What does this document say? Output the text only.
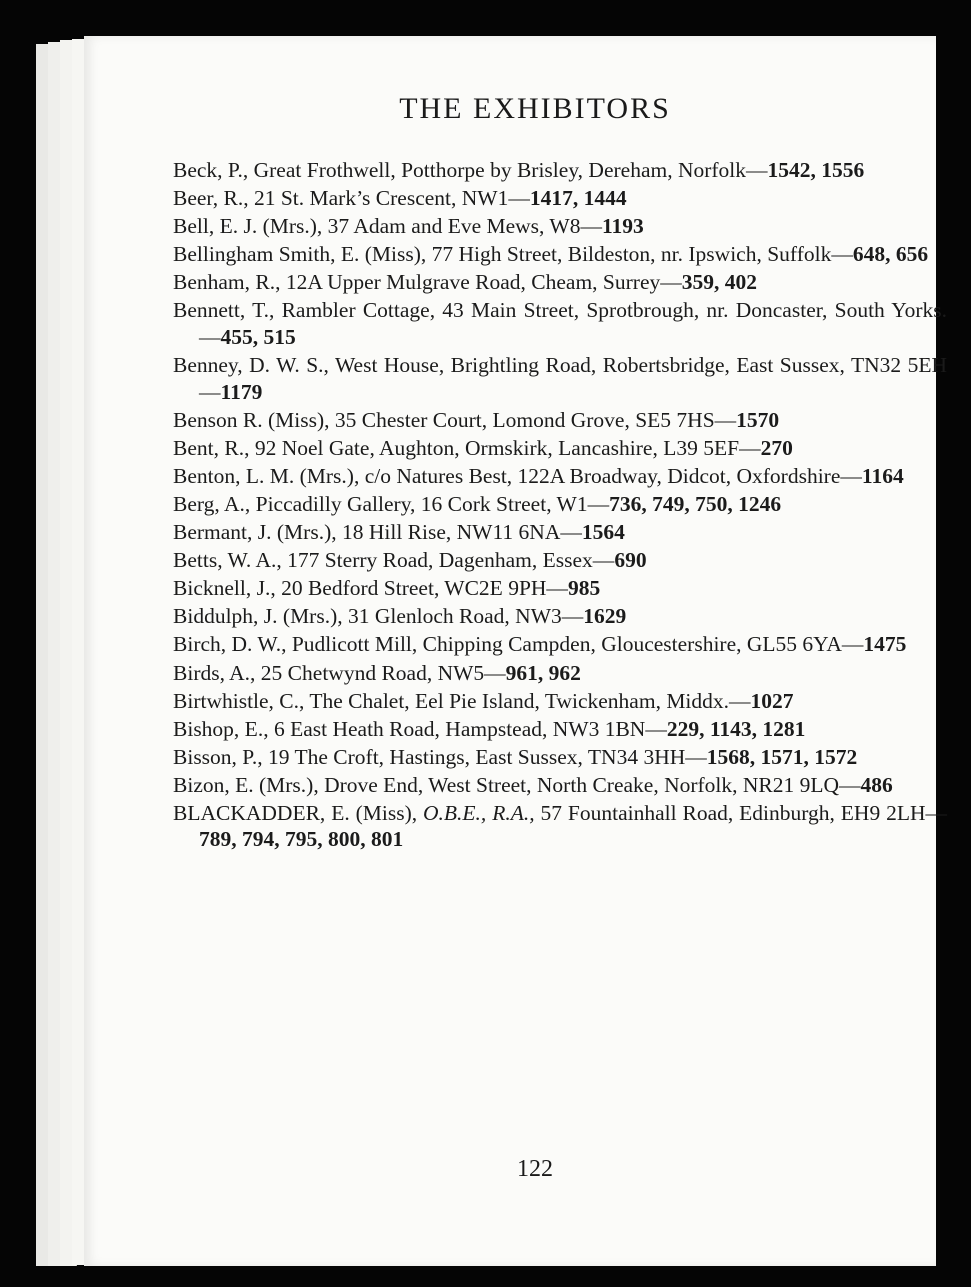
THE EXHIBITORS

Beck, P., Great Frothwell, Potthorpe by Brisley, Dereham, Norfolk—1542, 1556

Beer, R., 21 St. Mark’s Crescent, NW1—1417, 1444

Bell, E. J. (Mrs.), 37 Adam and Eve Mews, W8—1193

Bellingham Smith, E. (Miss), 77 High Street, Bildeston, nr. Ipswich, Suffolk—648, 656

Benham, R., 12A Upper Mulgrave Road, Cheam, Surrey—359, 402

Bennett, T., Rambler Cottage, 43 Main Street, Sprotbrough, nr. Doncaster, South Yorks.—455, 515

Benney, D. W. S., West House, Brightling Road, Robertsbridge, East Sussex, TN32 5EH—1179

Benson R. (Miss), 35 Chester Court, Lomond Grove, SE5 7HS—1570

Bent, R., 92 Noel Gate, Aughton, Ormskirk, Lancashire, L39 5EF—270

Benton, L. M. (Mrs.), c/o Natures Best, 122A Broadway, Didcot, Oxfordshire—1164

Berg, A., Piccadilly Gallery, 16 Cork Street, W1—736, 749, 750, 1246

Bermant, J. (Mrs.), 18 Hill Rise, NW11 6NA—1564

Betts, W. A., 177 Sterry Road, Dagenham, Essex—690

Bicknell, J., 20 Bedford Street, WC2E 9PH—985

Biddulph, J. (Mrs.), 31 Glenloch Road, NW3—1629

Birch, D. W., Pudlicott Mill, Chipping Campden, Gloucestershire, GL55 6YA—1475

Birds, A., 25 Chetwynd Road, NW5—961, 962

Birtwhistle, C., The Chalet, Eel Pie Island, Twickenham, Middx.—1027

Bishop, E., 6 East Heath Road, Hampstead, NW3 1BN—229, 1143, 1281

Bisson, P., 19 The Croft, Hastings, East Sussex, TN34 3HH—1568, 1571, 1572

Bizon, E. (Mrs.), Drove End, West Street, North Creake, Norfolk, NR21 9LQ—486

BLACKADDER, E. (Miss), O.B.E., R.A., 57 Fountainhall Road, Edinburgh, EH9 2LH—789, 794, 795, 800, 801

122
